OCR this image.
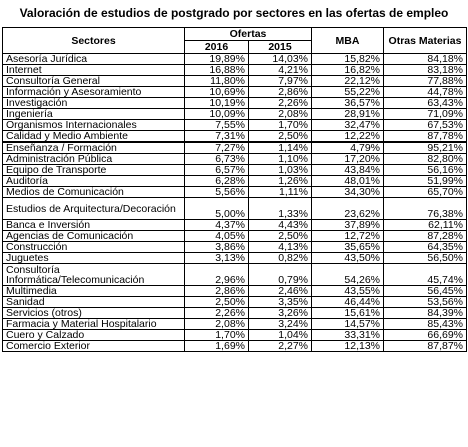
Valoración de estudios de postgrado por sectores en las ofertas de empleo
Sectores	Ofertas		MBA	Otras Materias
	2016	2015		
Asesoría Jurídica	19,89%	14,03%	15,82%	84,18%
Internet	16,88%	4,21%	16,82%	83,18%
Consultoría General	11,80%	7,97%	22,12%	77,88%
Información y Asesoramiento	10,69%	2,86%	55,22%	44,78%
Investigación	10,19%	2,26%	36,57%	63,43%
Ingeniería	10,09%	2,08%	28,91%	71,09%
Organismos Internacionales	7,55%	1,70%	32,47%	67,53%
Calidad y Medio Ambiente	7,31%	2,50%	12,22%	87,78%
Enseñanza / Formación	7,27%	1,14%	4,79%	95,21%
Administración Pública	6,73%	1,10%	17,20%	82,80%
Equipo de Transporte	6,57%	1,03%	43,84%	56,16%
Auditoría	6,28%	1,26%	48,01%	51,99%
Medios de Comunicación	5,56%	1,11%	34,30%	65,70%
Estudios de Arquitectura/Decoración	5,00%	1,33%	23,62%	76,38%
Banca e Inversión	4,37%	4,43%	37,89%	62,11%
Agencias de Comunicación	4,05%	2,50%	12,72%	87,28%
Construcción	3,86%	4,13%	35,65%	64,35%
Juguetes	3,13%	0,82%	43,50%	56,50%
Consultoría Informática/Telecomunicación	2,96%	0,79%	54,26%	45,74%
Multimedia	2,86%	2,46%	43,55%	56,45%
Sanidad	2,50%	3,35%	46,44%	53,56%
Servicios (otros)	2,26%	3,26%	15,61%	84,39%
Farmacia y Material Hospitalario	2,08%	3,24%	14,57%	85,43%
Cuero y Calzado	1,70%	1,04%	33,31%	66,69%
Comercio Exterior	1,69%	2,27%	12,13%	87,87%
